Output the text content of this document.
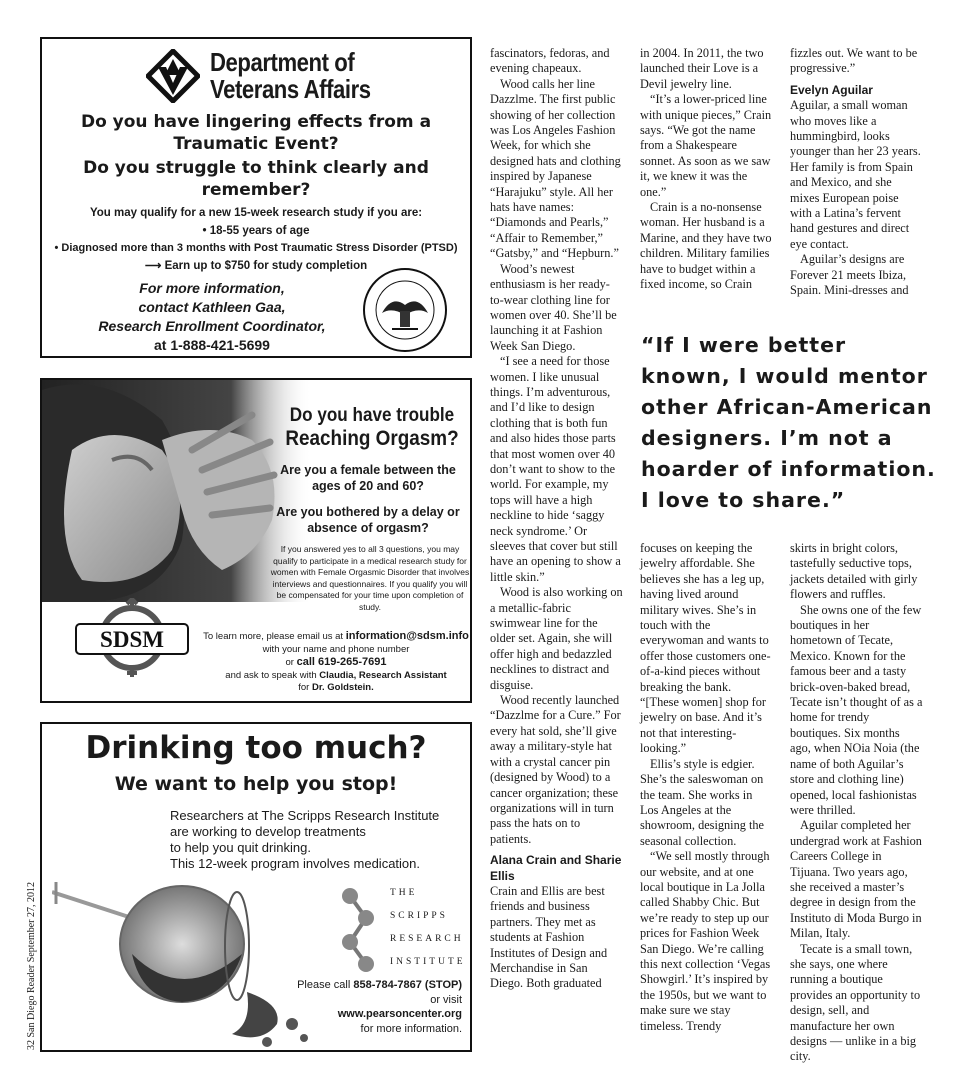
32 San Diego Reader September 27, 2012
Department of
Veterans Affairs
Do you have lingering effects from a Traumatic Event?
Do you struggle to think clearly and remember?
You may qualify for a new 15-week research study if you are:
• 18-55 years of age
• Diagnosed more than 3 months with Post Traumatic Stress Disorder (PTSD)
⟶ Earn up to $750 for study completion
For more information,
contact Kathleen Gaa,
Research Enrollment Coordinator,
at 1-888-421-5699
Do you have trouble
Reaching Orgasm?
Are you a female between the ages of 20 and 60?
Are you bothered by a delay or absence of orgasm?
If you answered yes to all 3 questions, you may qualify to participate in a medical research study for women with Female Orgasmic Disorder that involves interviews and questionnaires. If you qualify you will be compensated for your time upon completion of study.
SDSM	To learn more, please email us at information@sdsm.info
with your name and phone number
or call 619-265-7691
and ask to speak with Claudia, Research Assistant
for Dr. Goldstein.
Drinking too much?
We want to help you stop!
Researchers at The Scripps Research Institute
are working to develop treatments
to help you quit drinking.
This 12-week program involves medication.
THE
SCRIPPS
RESEARCH
INSTITUTE
Please call 858-784-7867 (STOP)
or visit
www.pearsoncenter.org
for more information.

fascinators, fedoras, and evening chapeaux.

Wood calls her line Dazzlme. The first public showing of her collection was Los Angeles Fashion Week, for which she designed hats and clothing inspired by Japanese “Harajuku” style. All her hats have names: “Diamonds and Pearls,” “Affair to Remember,” “Gatsby,” and “Hepburn.”

Wood’s newest enthusiasm is her ready-to-wear clothing line for women over 40. She’ll be launching it at Fashion Week San Diego.

“I see a need for those women. I like unusual things. I’m adventurous, and I’d like to design clothing that is both fun and also hides those parts that most women over 40 don’t want to show to the world. For example, my tops will have a high neckline to hide ‘saggy neck syndrome.’ Or sleeves that cover but still have an opening to show a little skin.”

Wood is also working on a metallic-fabric swimwear line for the older set. Again, she will offer high and bedazzled necklines to distract and disguise.

Wood recently launched “Dazzlme for a Cure.” For every hat sold, she’ll give away a military-style hat with a crystal cancer pin (designed by Wood) to a cancer organization; these organizations will in turn pass the hats on to patients.

Alana Crain and Sharie Ellis

Crain and Ellis are best friends and business partners. They met as students at Fashion Institutes of Design and Merchandise in San Diego. Both graduated

in 2004. In 2011, the two launched their Love is a Devil jewelry line.

“It’s a lower-priced line with unique pieces,” Crain says. “We got the name from a Shakespeare sonnet. As soon as we saw it, we knew it was the one.”

Crain is a no-nonsense woman. Her husband is a Marine, and they have two children. Military families have to budget within a fixed income, so Crain

fizzles out. We want to be progressive.”

Evelyn Aguilar

Aguilar, a small woman who moves like a hummingbird, looks younger than her 23 years. Her family is from Spain and Mexico, and she mixes European poise with a Latina’s fervent hand gestures and direct eye contact.

Aguilar’s designs are Forever 21 meets Ibiza, Spain. Mini-dresses and

“If I were better known, I would mentor other African-American designers. I’m not a hoarder of information. I love to share.”

focuses on keeping the jewelry affordable. She believes she has a leg up, having lived around military wives. She’s in touch with the everywoman and wants to offer those customers one-of-a-kind pieces without breaking the bank. “[These women] shop for jewelry on base. And it’s not that interesting-looking.”

Ellis’s style is edgier. She’s the saleswoman on the team. She works in Los Angeles at the showroom, designing the seasonal collection.

“We sell mostly through our website, and at one local boutique in La Jolla called Shabby Chic. But we’re ready to step up our prices for Fashion Week San Diego. We’re calling this next collection ‘Vegas Showgirl.’ It’s inspired by the 1950s, but we want to make sure we stay timeless. Trendy

skirts in bright colors, tastefully seductive tops, jackets detailed with girly flowers and ruffles.

She owns one of the few boutiques in her hometown of Tecate, Mexico. Known for the famous beer and a tasty brick-oven-baked bread, Tecate isn’t thought of as a home for trendy boutiques. Six months ago, when NOia Noia (the name of both Aguilar’s store and clothing line) opened, local fashionistas were thrilled.

Aguilar completed her undergrad work at Fashion Careers College in Tijuana. Two years ago, she received a master’s degree in design from the Instituto di Moda Burgo in Milan, Italy.

Tecate is a small town, she says, one where running a boutique provides an opportunity to design, sell, and manufacture her own designs — unlike in a big city.
